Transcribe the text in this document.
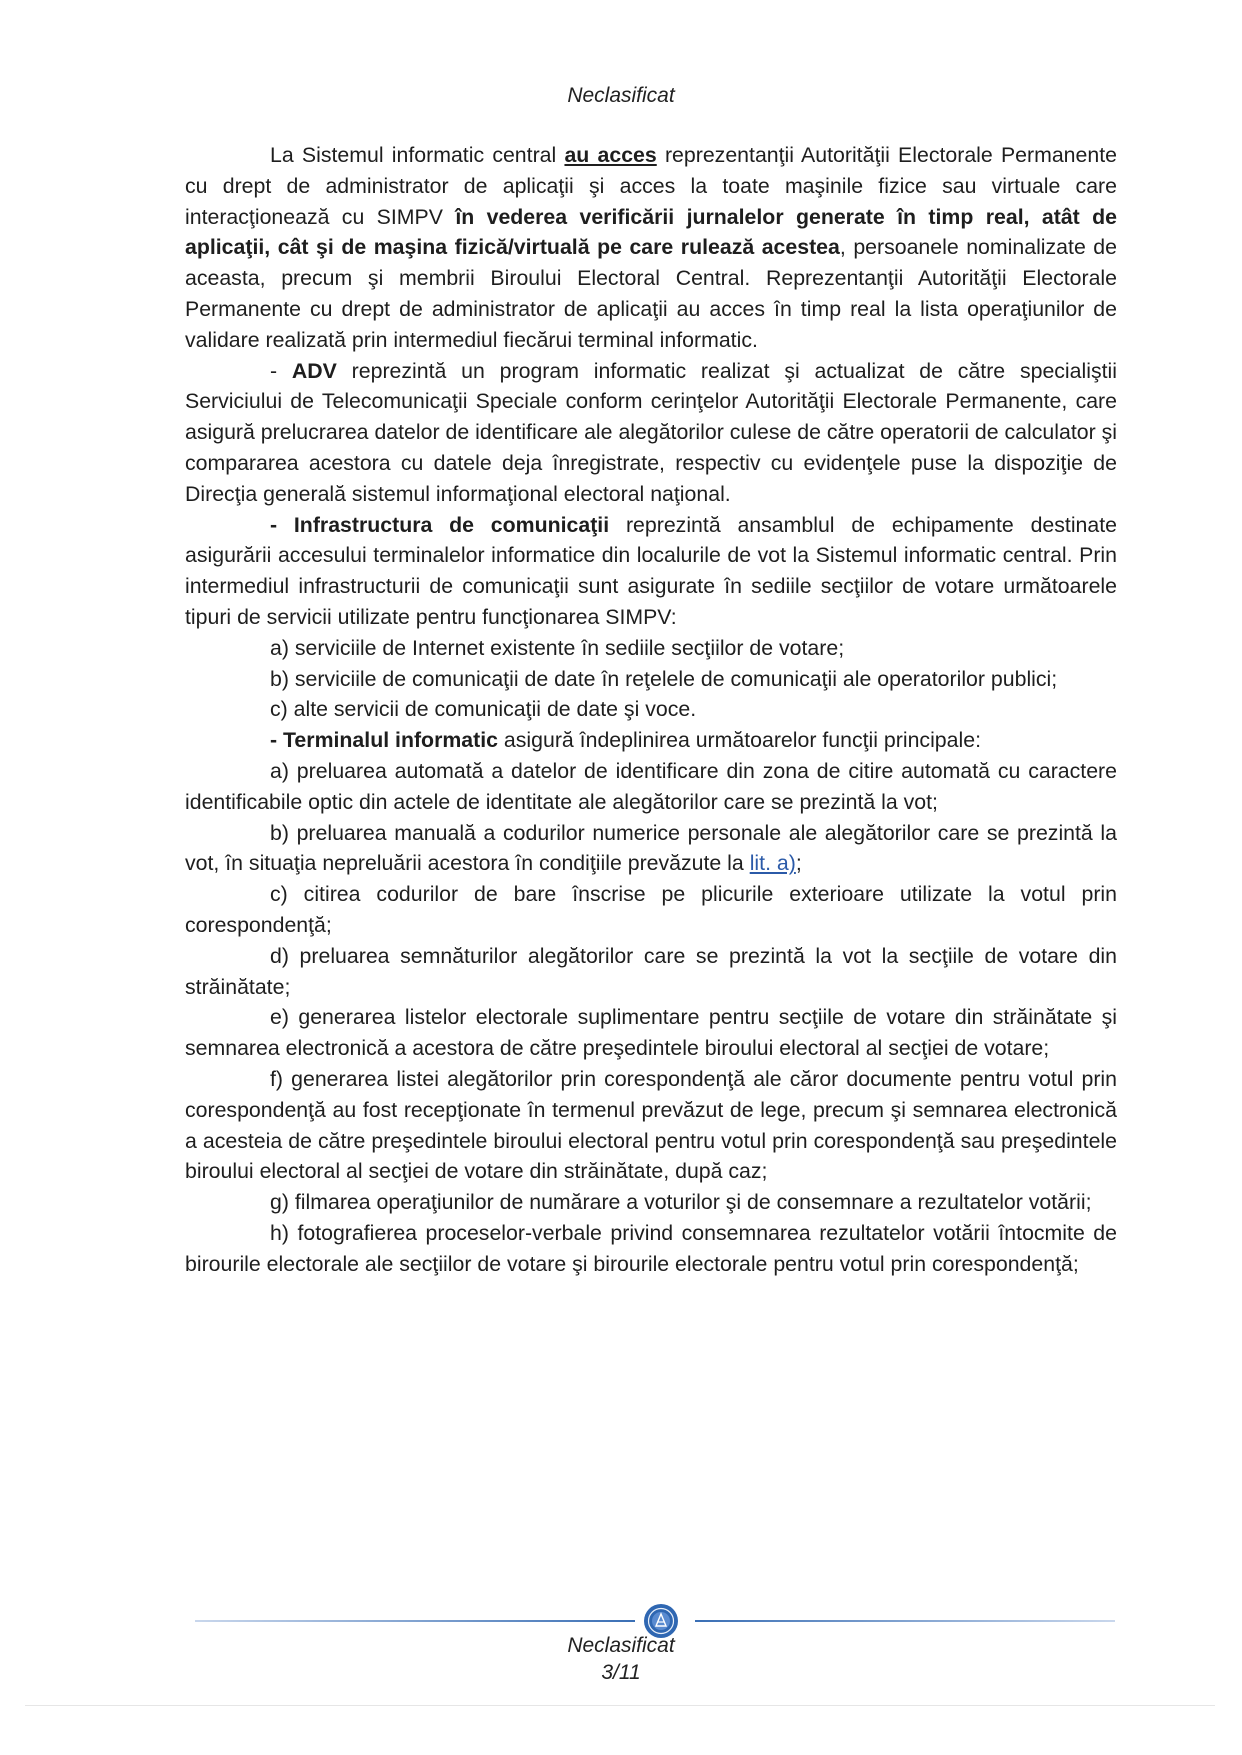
Neclasificat

La Sistemul informatic central au acces reprezentanţii Autorităţii Electorale Permanente cu drept de administrator de aplicaţii şi acces la toate maşinile fizice sau virtuale care interacţionează cu SIMPV în vederea verificării jurnalelor generate în timp real, atât de aplicaţii, cât şi de maşina fizică/virtuală pe care rulează acestea, persoanele nominalizate de aceasta, precum şi membrii Biroului Electoral Central. Reprezentanţii Autorităţii Electorale Permanente cu drept de administrator de aplicaţii au acces în timp real la lista operaţiunilor de validare realizată prin intermediul fiecărui terminal informatic.

- ADV reprezintă un program informatic realizat şi actualizat de către specialiştii Serviciului de Telecomunicaţii Speciale conform cerinţelor Autorităţii Electorale Permanente, care asigură prelucrarea datelor de identificare ale alegătorilor culese de către operatorii de calculator şi compararea acestora cu datele deja înregistrate, respectiv cu evidenţele puse la dispoziţie de Direcţia generală sistemul informaţional electoral naţional.

- Infrastructura de comunicaţii reprezintă ansamblul de echipamente destinate asigurării accesului terminalelor informatice din localurile de vot la Sistemul informatic central. Prin intermediul infrastructurii de comunicaţii sunt asigurate în sediile secţiilor de votare următoarele tipuri de servicii utilizate pentru funcţionarea SIMPV:

a) serviciile de Internet existente în sediile secţiilor de votare;

b) serviciile de comunicaţii de date în reţelele de comunicaţii ale operatorilor publici;

c) alte servicii de comunicaţii de date şi voce.

- Terminalul informatic asigură îndeplinirea următoarelor funcţii principale:

a) preluarea automată a datelor de identificare din zona de citire automată cu caractere identificabile optic din actele de identitate ale alegătorilor care se prezintă la vot;

b) preluarea manuală a codurilor numerice personale ale alegătorilor care se prezintă la vot, în situaţia nepreluării acestora în condiţiile prevăzute la lit. a);

c) citirea codurilor de bare înscrise pe plicurile exterioare utilizate la votul prin corespondenţă;

d) preluarea semnăturilor alegătorilor care se prezintă la vot la secţiile de votare din străinătate;

e) generarea listelor electorale suplimentare pentru secţiile de votare din străinătate şi semnarea electronică a acestora de către preşedintele biroului electoral al secţiei de votare;

f) generarea listei alegătorilor prin corespondenţă ale căror documente pentru votul prin corespondenţă au fost recepţionate în termenul prevăzut de lege, precum şi semnarea electronică a acesteia de către preşedintele biroului electoral pentru votul prin corespondenţă sau preşedintele biroului electoral al secţiei de votare din străinătate, după caz;

g) filmarea operaţiunilor de numărare a voturilor şi de consemnare a rezultatelor votării;

h) fotografierea proceselor-verbale privind consemnarea rezultatelor votării întocmite de birourile electorale ale secţiilor de votare şi birourile electorale pentru votul prin corespondenţă;

Neclasificat
3/11
